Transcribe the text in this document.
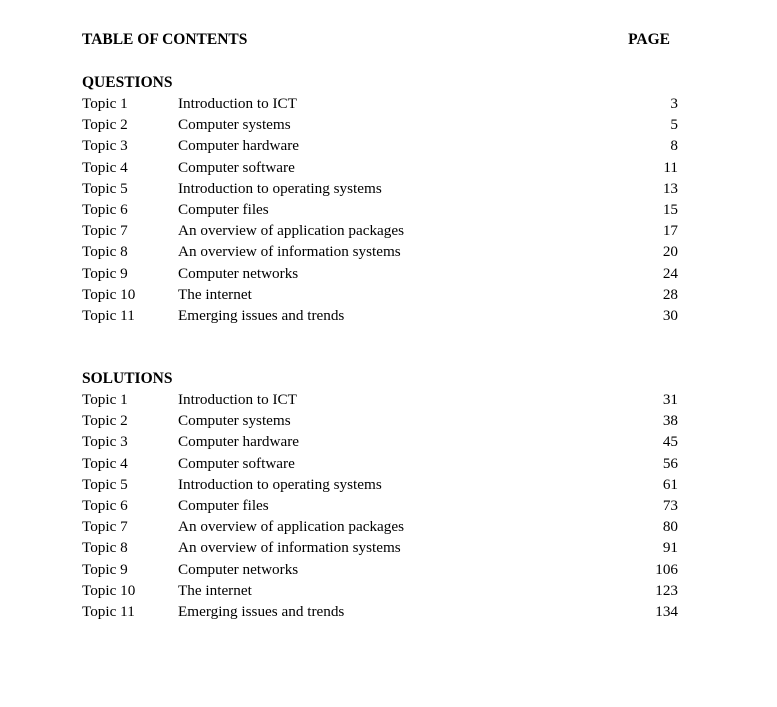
TABLE OF CONTENTS	PAGE
QUESTIONS
Topic 1	Introduction to ICT	3
Topic 2	Computer systems	5
Topic 3	Computer hardware	8
Topic 4	Computer software	11
Topic 5	Introduction to operating systems	13
Topic 6	Computer files	15
Topic 7	An overview of application packages	17
Topic 8	An overview of information systems	20
Topic 9	Computer networks	24
Topic 10	The internet	28
Topic 11	Emerging issues and trends	30
SOLUTIONS
Topic 1	Introduction to ICT	31
Topic 2	Computer systems	38
Topic 3	Computer hardware	45
Topic 4	Computer software	56
Topic 5	Introduction to operating systems	61
Topic 6	Computer files	73
Topic 7	An overview of application packages	80
Topic 8	An overview of information systems	91
Topic 9	Computer networks	106
Topic 10	The internet	123
Topic 11	Emerging issues and trends	134
